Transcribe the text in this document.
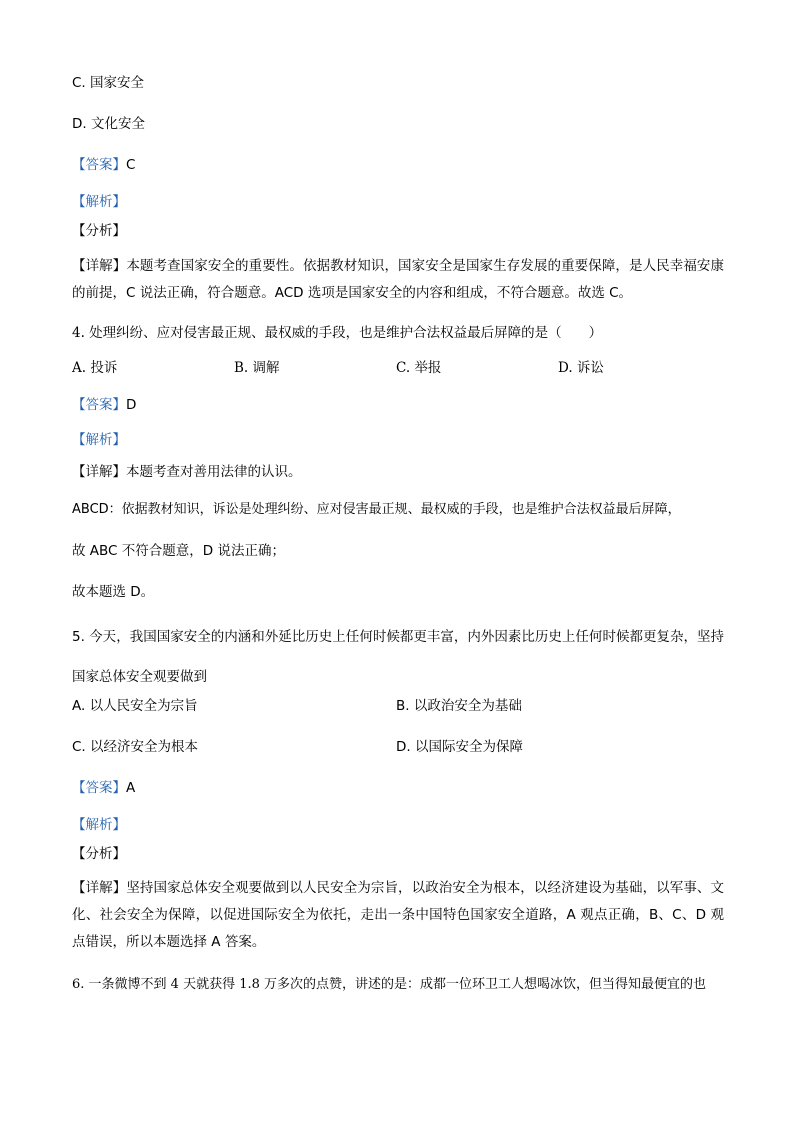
C. 国家安全
D. 文化安全
【答案】C
【解析】
【分析】
【详解】本题考查国家安全的重要性。依据教材知识，国家安全是国家生存发展的重要保障，是人民幸福安康的前提，C 说法正确，符合题意。ACD 选项是国家安全的内容和组成，不符合题意。故选 C。
4. 处理纠纷、应对侵害最正规、最权威的手段，也是维护合法权益最后屏障的是（　　）
A. 投诉	B. 调解	C. 举报	D. 诉讼
【答案】D
【解析】
【详解】本题考查对善用法律的认识。
ABCD：依据教材知识，诉讼是处理纠纷、应对侵害最正规、最权威的手段，也是维护合法权益最后屏障，
故 ABC 不符合题意，D 说法正确；
故本题选 D。
5. 今天，我国国家安全的内涵和外延比历史上任何时候都更丰富，内外因素比历史上任何时候都更复杂，坚持国家总体安全观要做到
A. 以人民安全为宗旨	B. 以政治安全为基础
C. 以经济安全为根本	D. 以国际安全为保障
【答案】A
【解析】
【分析】
【详解】坚持国家总体安全观要做到以人民安全为宗旨，以政治安全为根本，以经济建设为基础，以军事、文化、社会安全为保障，以促进国际安全为依托，走出一条中国特色国家安全道路，A 观点正确，B、C、D 观点错误，所以本题选择 A 答案。
6. 一条微博不到 4 天就获得 1.8 万多次的点赞，讲述的是：成都一位环卫工人想喝冰饮，但当得知最便宜的也
